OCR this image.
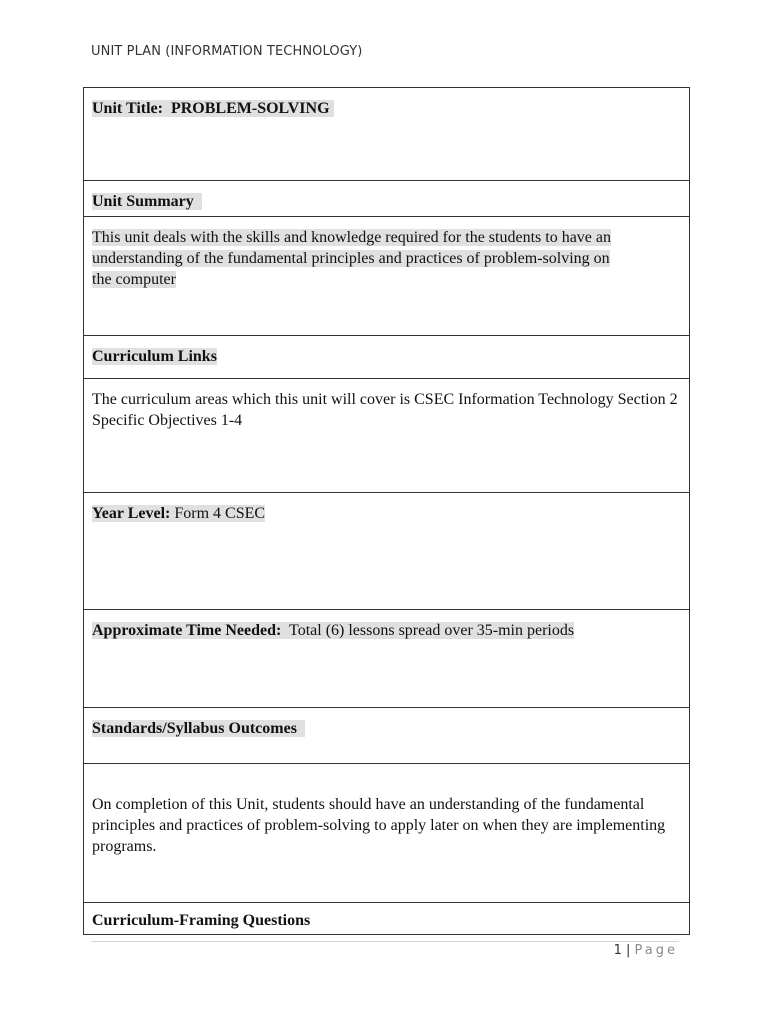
UNIT PLAN (INFORMATION TECHNOLOGY)
Unit Title: PROBLEM-SOLVING
Unit Summary
This unit deals with the skills and knowledge required for the students to have an
understanding of the fundamental principles and practices of problem-solving on
the computer
Curriculum Links
The curriculum areas which this unit will cover is CSEC Information Technology Section 2 Specific Objectives 1-4
Year Level: Form 4 CSEC
Approximate Time Needed: Total (6) lessons spread over 35-min periods
Standards/Syllabus Outcomes
On completion of this Unit, students should have an understanding of the fundamental principles and practices of problem-solving to apply later on when they are implementing programs.
Curriculum-Framing Questions
1 | Page
